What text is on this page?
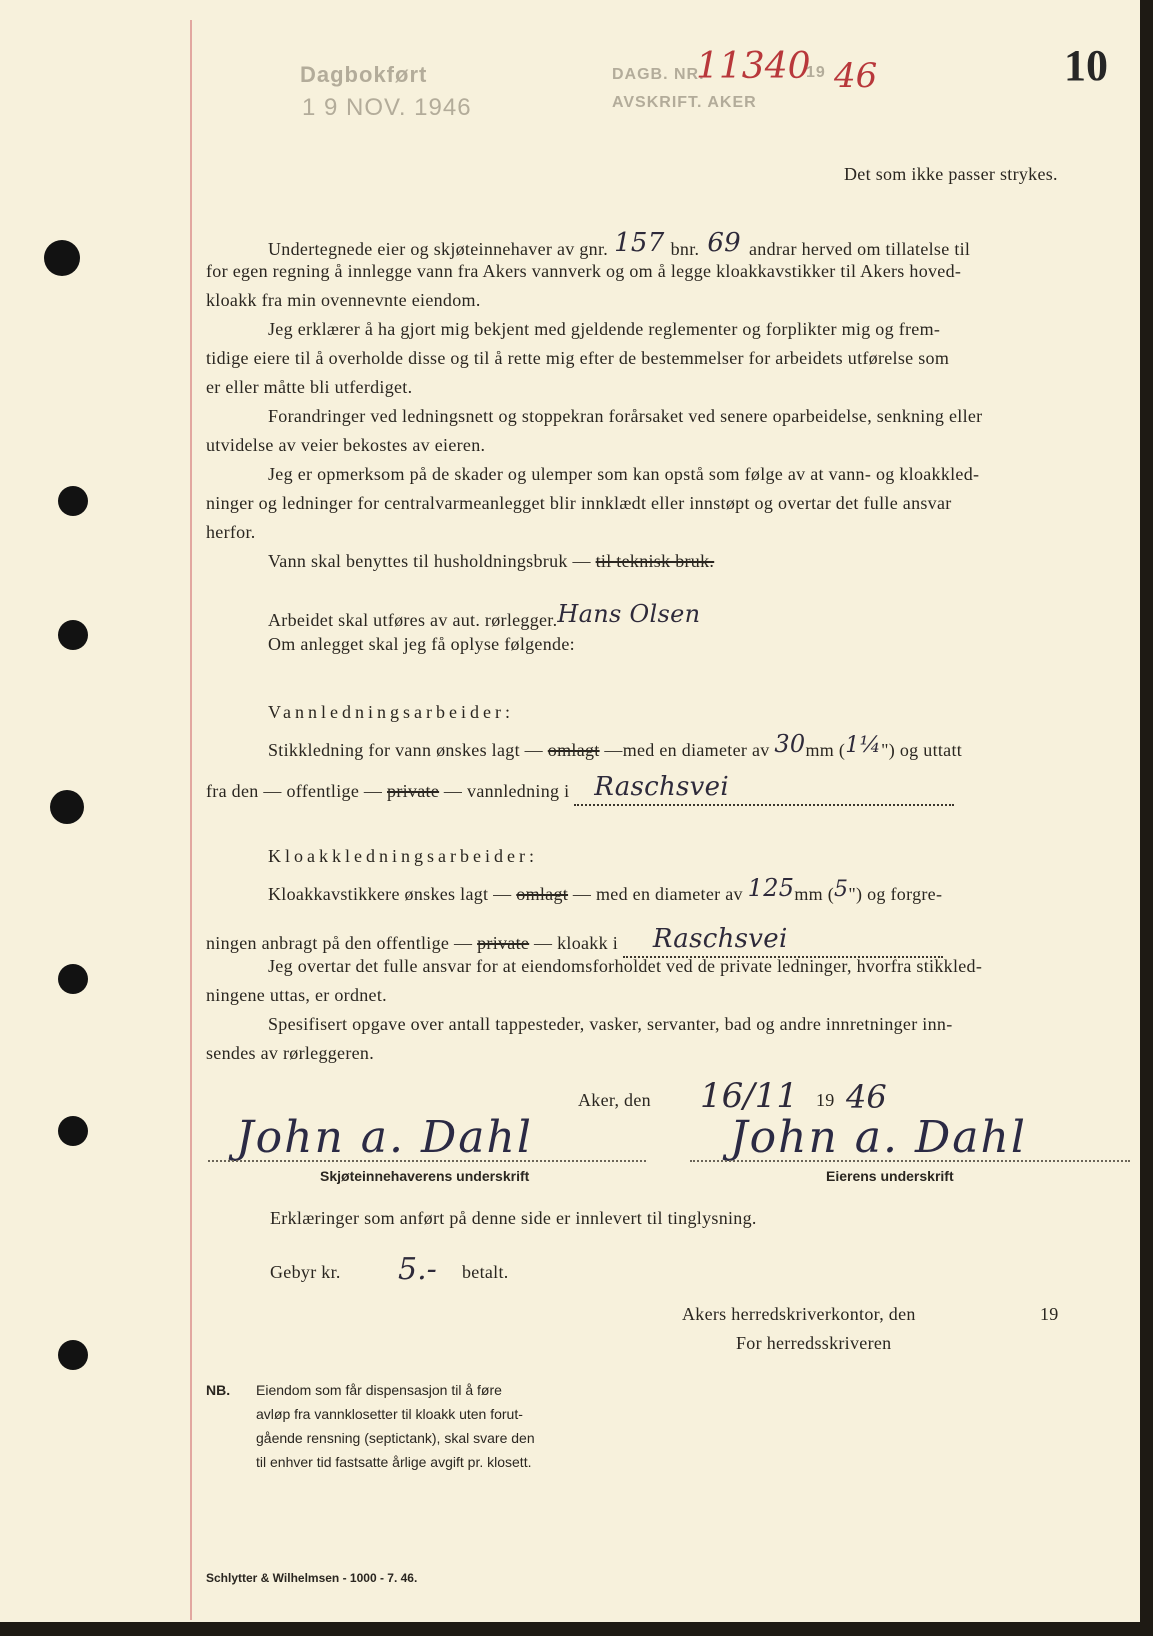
Dagbokført
1 9 NOV. 1946
DAGB. NR.
11340
19 46
AVSKRIFT. AKER
10
Det som ikke passer strykes.
Undertegnede eier og skjøteinnehaver av gnr. 157 bnr. 69 andrar herved om tillatelse til
for egen regning å innlegge vann fra Akers vannverk og om å legge kloakkavstikker til Akers hoved-
kloakk fra min ovennevnte eiendom.
Jeg erklærer å ha gjort mig bekjent med gjeldende reglementer og forplikter mig og frem-
tidige eiere til å overholde disse og til å rette mig efter de bestemmelser for arbeidets utførelse som
er eller måtte bli utferdiget.
Forandringer ved ledningsnett og stoppekran forårsaket ved senere oparbeidelse, senkning eller
utvidelse av veier bekostes av eieren.
Jeg er opmerksom på de skader og ulemper som kan opstå som følge av at vann- og kloakkled-
ninger og ledninger for centralvarmeanlegget blir innklædt eller innstøpt og overtar det fulle ansvar
herfor.
Vann skal benyttes til husholdningsbruk — til teknisk bruk.
Arbeidet skal utføres av aut. rørlegger.Hans Olsen
Om anlegget skal jeg få oplyse følgende:
Vannledningsarbeider:
Stikkledning for vann ønskes lagt — omlagt —med en diameter av 30mm (1¼") og uttatt
fra den — offentlige — private — vannledning i Raschsvei
Kloakkledningsarbeider:
Kloakkavstikkere ønskes lagt — omlagt — med en diameter av 125mm (5") og forgre-
ningen anbragt på den offentlige — private — kloakk i Raschsvei
Jeg overtar det fulle ansvar for at eiendomsforholdet ved de private ledninger, hvorfra stikkled-
ningene uttas, er ordnet.
Spesifisert opgave over antall tappesteder, vasker, servanter, bad og andre innretninger inn-
sendes av rørleggeren.
Aker, den 16/11 19 46
John a. Dahl
Skjøteinnehaverens underskrift
John a. Dahl
Eierens underskrift
Erklæringer som anført på denne side er innlevert til tinglysning.
Gebyr kr. 5.- betalt.
Akers herredskriverkontor, den	19
For herredsskriveren
NB. Eiendom som får dispensasjon til å føre
avløp fra vannklosetter til kloakk uten forut-
gående rensning (septictank), skal svare den
til enhver tid fastsatte årlige avgift pr. klosett.
Schlytter & Wilhelmsen - 1000 - 7. 46.
